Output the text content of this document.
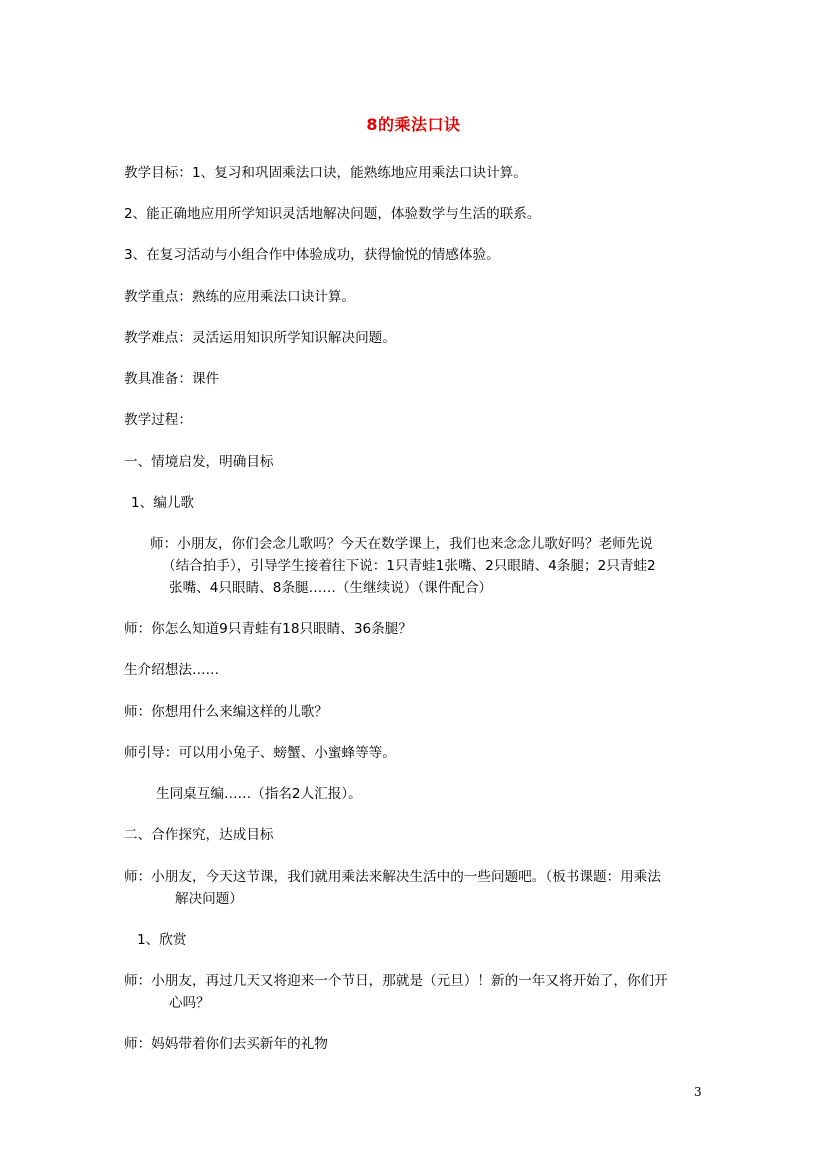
8的乘法口诀
教学目标：1、复习和巩固乘法口诀，能熟练地应用乘法口诀计算。
2、能正确地应用所学知识灵活地解决问题，体验数学与生活的联系。
3、在复习活动与小组合作中体验成功，获得愉悦的情感体验。
教学重点：熟练的应用乘法口诀计算。
教学难点：灵活运用知识所学知识解决问题。
教具准备：课件
教学过程：
一、情境启发，明确目标
1、编儿歌
师：小朋友，你们会念儿歌吗？今天在数学课上，我们也来念念儿歌好吗？老师先说
（结合拍手），引导学生接着往下说：1只青蛙1张嘴、2只眼睛、4条腿；2只青蛙2
张嘴、4只眼睛、8条腿……（生继续说）（课件配合）
师：你怎么知道9只青蛙有18只眼睛、36条腿？
生介绍想法……
师：你想用什么来编这样的儿歌？
师引导：可以用小兔子、螃蟹、小蜜蜂等等。
生同桌互编……（指名2人汇报）。
二、合作探究，达成目标
师：小朋友，今天这节课，我们就用乘法来解决生活中的一些问题吧。（板书课题：用乘法
解决问题）
1、欣赏
师：小朋友，再过几天又将迎来一个节日，那就是（元旦）！新的一年又将开始了，你们开
心吗？
师：妈妈带着你们去买新年的礼物
3
